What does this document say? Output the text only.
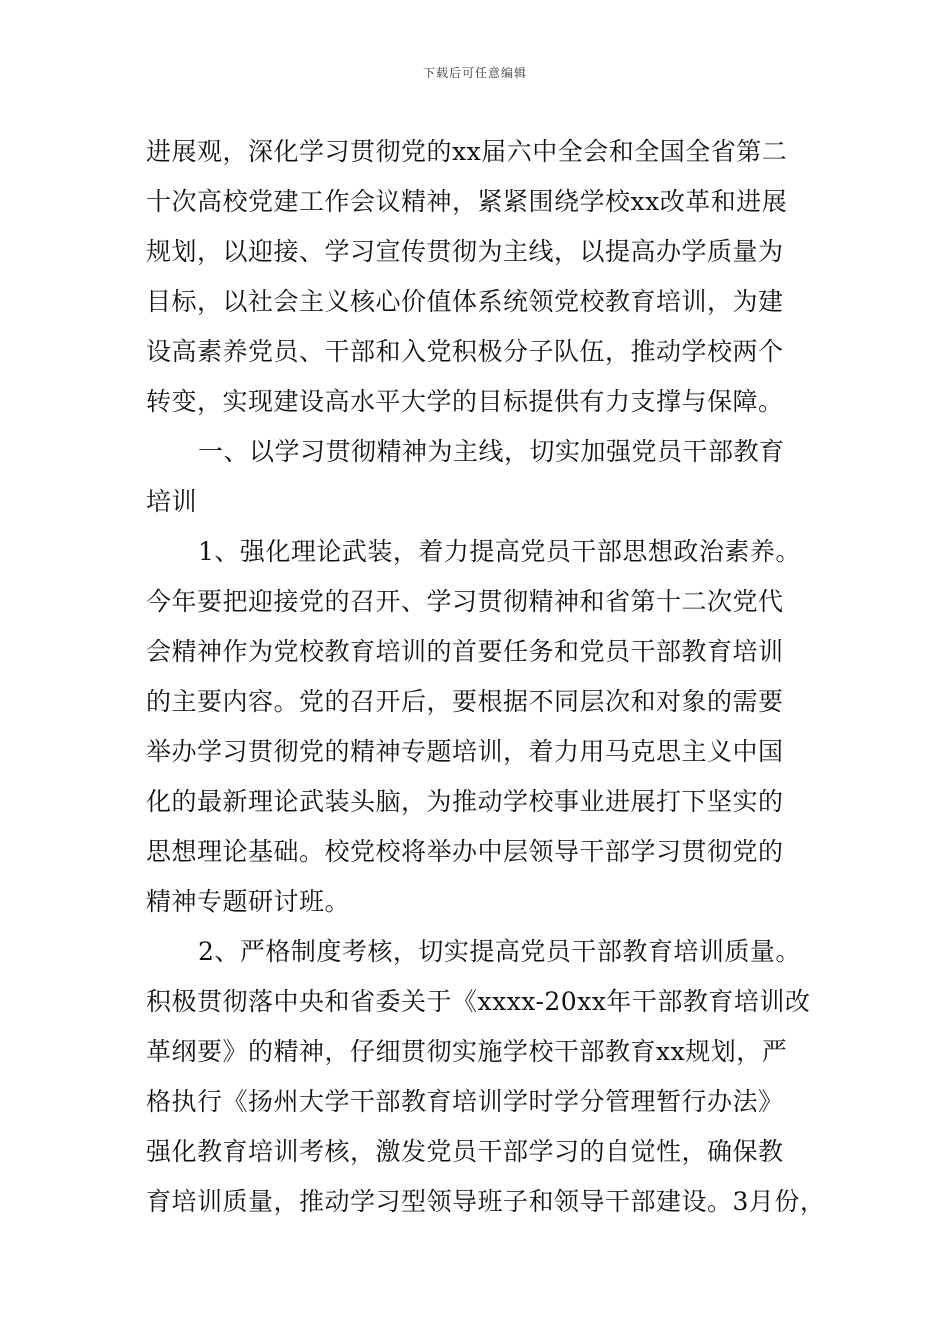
下载后可任意编辑
进展观，深化学习贯彻党的xx届六中全会和全国全省第二
十次高校党建工作会议精神，紧紧围绕学校xx改革和进展
规划，以迎接、学习宣传贯彻为主线，以提高办学质量为
目标，以社会主义核心价值体系统领党校教育培训，为建
设高素养党员、干部和入党积极分子队伍，推动学校两个
转变，实现建设高水平大学的目标提供有力支撑与保障。
一、以学习贯彻精神为主线，切实加强党员干部教育
培训
1、强化理论武装，着力提高党员干部思想政治素养。
今年要把迎接党的召开、学习贯彻精神和省第十二次党代
会精神作为党校教育培训的首要任务和党员干部教育培训
的主要内容。党的召开后，要根据不同层次和对象的需要
举办学习贯彻党的精神专题培训，着力用马克思主义中国
化的最新理论武装头脑，为推动学校事业进展打下坚实的
思想理论基础。校党校将举办中层领导干部学习贯彻党的
精神专题研讨班。
2、严格制度考核，切实提高党员干部教育培训质量。
积极贯彻落中央和省委关于《xxxx-20xx年干部教育培训改
革纲要》的精神，仔细贯彻实施学校干部教育xx规划，严
格执行《扬州大学干部教育培训学时学分管理暂行办法》
强化教育培训考核，激发党员干部学习的自觉性，确保教
育培训质量，推动学习型领导班子和领导干部建设。3月份，
